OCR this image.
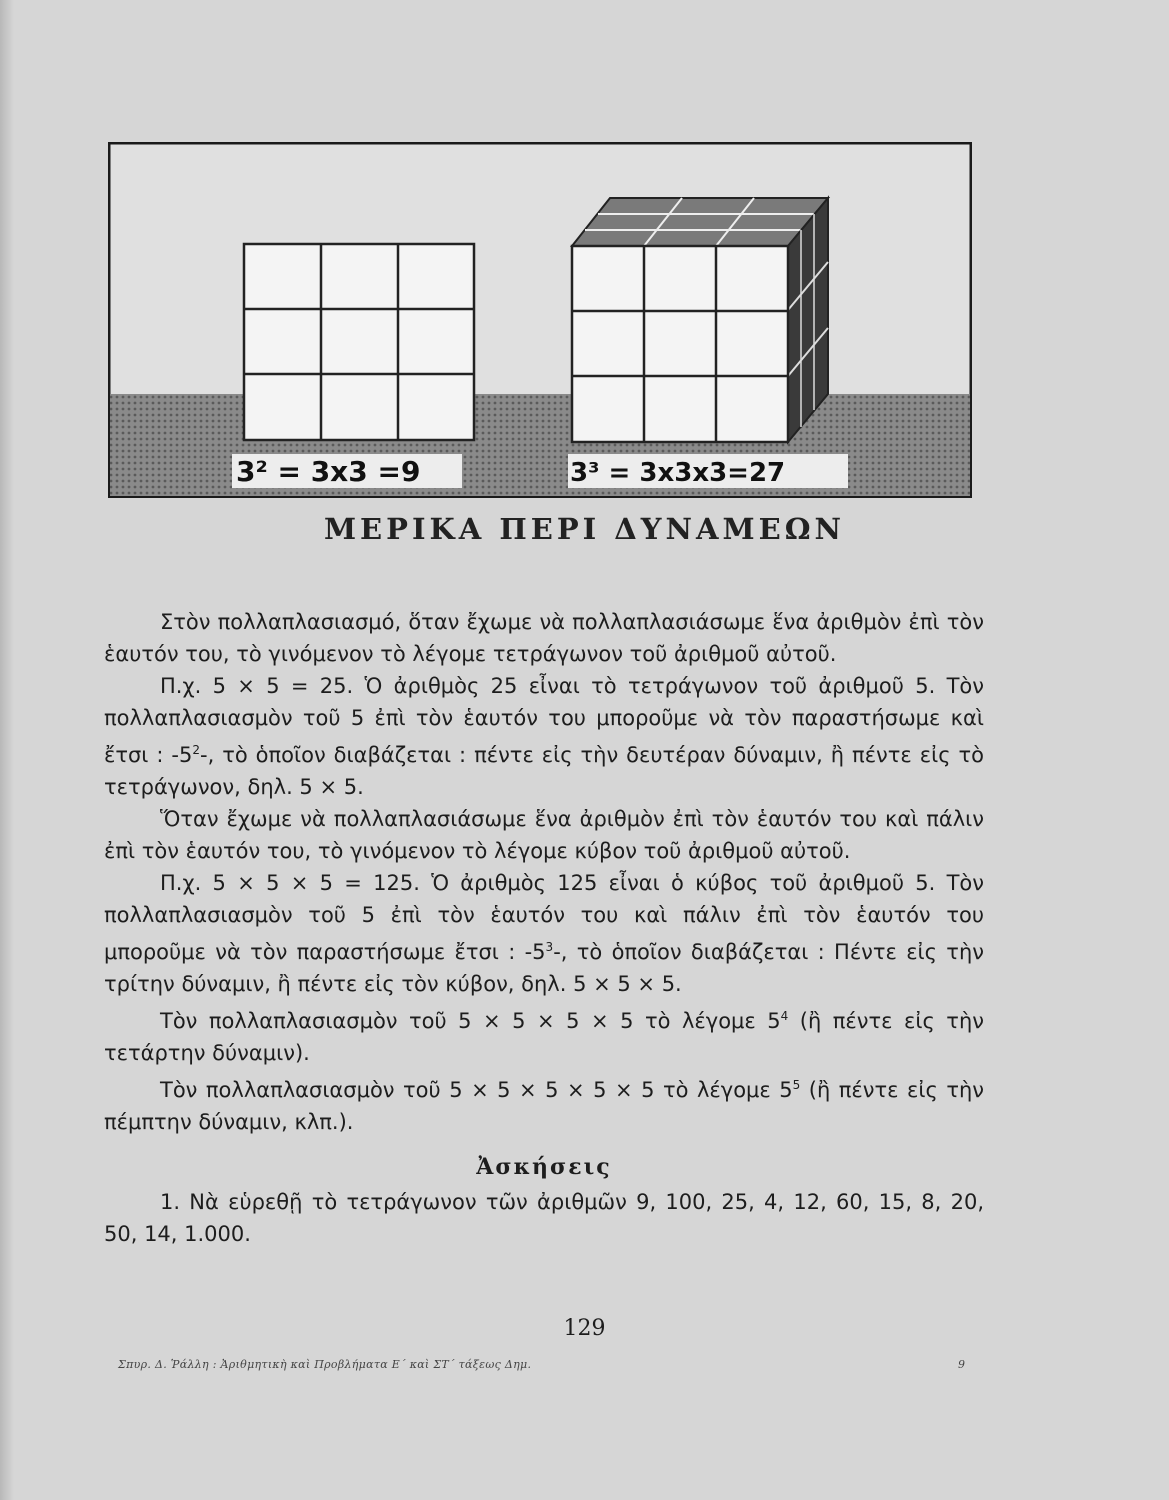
3² = 3x3 =9	3³ = 3x3x3=27
ΜΕΡΙΚΑ ΠΕΡΙ ΔΥΝΑΜΕΩΝ

Στὸν πολλαπλασιασμό, ὅταν ἔχωμε νὰ πολλαπλασιάσωμε ἕνα ἀριθμὸν ἐπὶ τὸν ἑαυτόν του, τὸ γινόμενον τὸ λέγομε τετράγωνον τοῦ ἀριθμοῦ αὐτοῦ.

Π.χ. 5 × 5 = 25. Ὁ ἀριθμὸς 25 εἶναι τὸ τετράγωνον τοῦ ἀριθμοῦ 5. Τὸν πολλαπλασιασμὸν τοῦ 5 ἐπὶ τὸν ἑαυτόν του μποροῦμε νὰ τὸν παραστήσωμε καὶ ἔτσι : $-5^2-$, τὸ ὁποῖον διαβάζεται : πέντε εἰς τὴν δευτέραν δύναμιν, ἢ πέντε εἰς τὸ τετράγωνον, δηλ. 5 × 5.

Ὅταν ἔχωμε νὰ πολλαπλασιάσωμε ἕνα ἀριθμὸν ἐπὶ τὸν ἑαυτόν του καὶ πάλιν ἐπὶ τὸν ἑαυτόν του, τὸ γινόμενον τὸ λέγομε κύβον τοῦ ἀριθμοῦ αὐτοῦ.

Π.χ. 5 × 5 × 5 = 125. Ὁ ἀριθμὸς 125 εἶναι ὁ κύβος τοῦ ἀριθμοῦ 5. Τὸν πολλαπλασιασμὸν τοῦ 5 ἐπὶ τὸν ἑαυτόν του καὶ πάλιν ἐπὶ τὸν ἑαυτόν του μποροῦμε νὰ τὸν παραστήσωμε ἔτσι : $-5^3-$, τὸ ὁποῖον διαβάζεται : Πέντε εἰς τὴν τρίτην δύναμιν, ἢ πέντε εἰς τὸν κύβον, δηλ. 5 × 5 × 5.

Τὸν πολλαπλασιασμὸν τοῦ 5 × 5 × 5 × 5 τὸ λέγομε $5^4$ (ἢ πέντε εἰς τὴν τετάρτην δύναμιν).

Τὸν πολλαπλασιασμὸν τοῦ 5 × 5 × 5 × 5 × 5 τὸ λέγομε $5^5$ (ἢ πέντε εἰς τὴν πέμπτην δύναμιν, κλπ.).

Ἀσκήσεις

1. Νὰ εὑρεθῇ τὸ τετράγωνον τῶν ἀριθμῶν 9, 100, 25, 4, 12, 60, 15, 8, 20, 50, 14, 1.000.

129
Σπυρ. Δ. Ῥάλλη : Ἀριθμητικὴ καὶ Προβλήματα Ε΄ καὶ ΣΤ΄ τάξεως Δημ.	9
